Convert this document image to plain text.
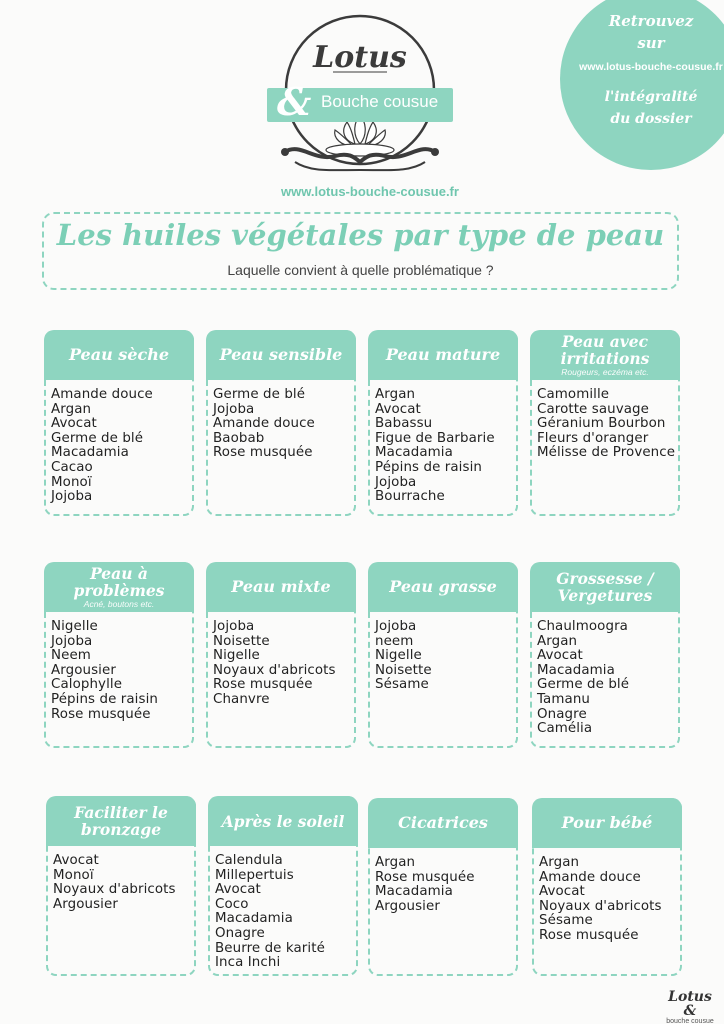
Lotus
& Bouche cousue
www.lotus-bouche-cousue.fr
Retrouvez
sur
www.lotus-bouche-cousue.fr
l'intégralité
du dossier
Les huiles végétales par type de peau
Laquelle convient à quelle problématique ?
Peau sèche
Amande douce
Argan
Avocat
Germe de blé
Macadamia
Cacao
Monoï
Jojoba
Peau sensible
Germe de blé
Jojoba
Amande douce
Baobab
Rose musquée
Peau mature
Argan
Avocat
Babassu
Figue de Barbarie
Macadamia
Pépins de raisin
Jojoba
Bourrache
Peau avec irritations
Rougeurs, eczéma etc.
Camomille
Carotte sauvage
Géranium Bourbon
Fleurs d'oranger
Mélisse de Provence
Peau à problèmes
Acné, boutons etc.
Nigelle
Jojoba
Neem
Argousier
Calophylle
Pépins de raisin
Rose musquée
Peau mixte
Jojoba
Noisette
Nigelle
Noyaux d'abricots
Rose musquée
Chanvre
Peau grasse
Jojoba
neem
Nigelle
Noisette
Sésame
Grossesse / Vergetures
Chaulmoogra
Argan
Avocat
Macadamia
Germe de blé
Tamanu
Onagre
Camélia
Faciliter le bronzage
Avocat
Monoï
Noyaux d'abricots
Argousier
Après le soleil
Calendula
Millepertuis
Avocat
Coco
Macadamia
Onagre
Beurre de karité
Inca Inchi
Cicatrices
Argan
Rose musquée
Macadamia
Argousier
Pour bébé
Argan
Amande douce
Avocat
Noyaux d'abricots
Sésame
Rose musquée
Lotus &
bouche cousue
